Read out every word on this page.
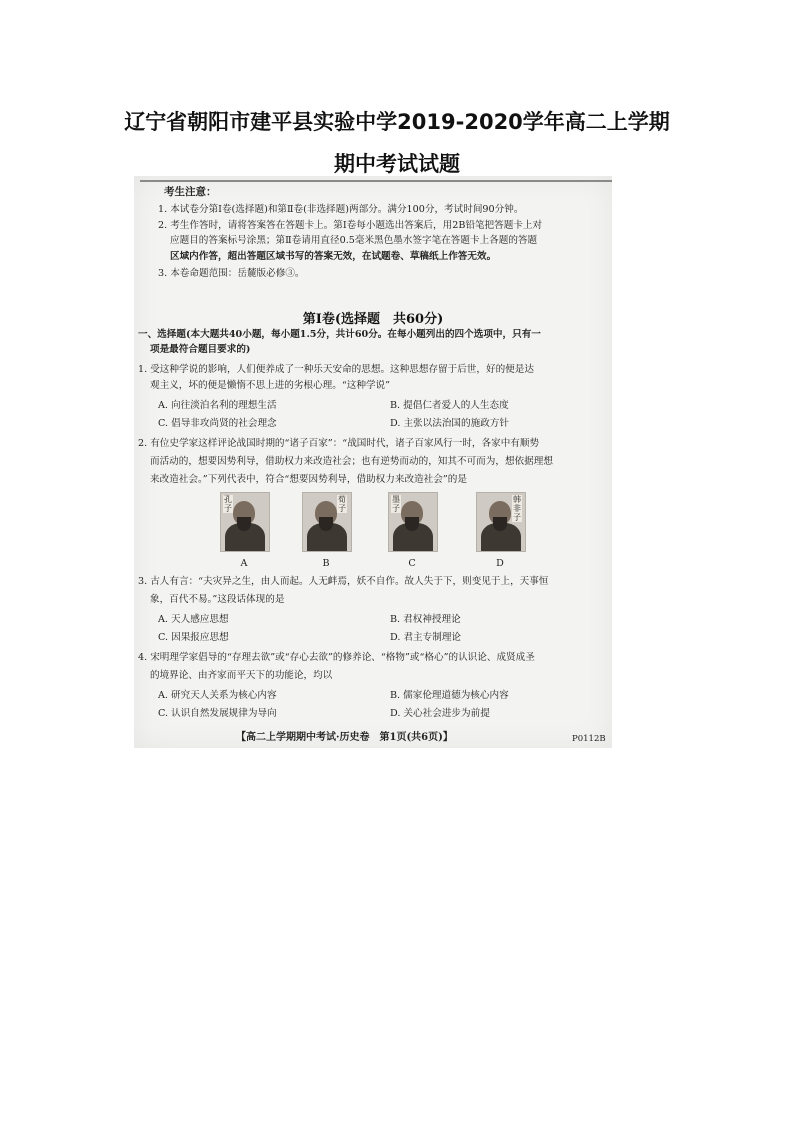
辽宁省朝阳市建平县实验中学2019-2020学年高二上学期
期中考试试题
考生注意：
1. 本试卷分第Ⅰ卷(选择题)和第Ⅱ卷(非选择题)两部分。满分100分，考试时间90分钟。
2. 考生作答时，请将答案答在答题卡上。第Ⅰ卷每小题选出答案后，用2B铅笔把答题卡上对
应题目的答案标号涂黑；第Ⅱ卷请用直径0.5毫米黑色墨水签字笔在答题卡上各题的答题
区域内作答，超出答题区域书写的答案无效，在试题卷、草稿纸上作答无效。
3. 本卷命题范围：岳麓版必修③。
第Ⅰ卷(选择题　共60分)
一、选择题(本大题共40小题，每小题1.5分，共计60分。在每小题列出的四个选项中，只有一
项是最符合题目要求的)
1. 受这种学说的影响，人们便养成了一种乐天安命的思想。这种思想存留于后世，好的便是达
观主义，坏的便是懒惰不思上进的劣根心理。“这种学说”
A. 向往淡泊名利的理想生活	B. 提倡仁者爱人的人生态度
C. 倡导非攻尚贤的社会理念	D. 主张以法治国的施政方针
2. 有位史学家这样评论战国时期的“诸子百家”：“战国时代，诸子百家风行一时，各家中有顺势
而活动的，想要因势利导，借助权力来改造社会；也有逆势而动的，知其不可而为，想依据理想
来改造社会。”下列代表中，符合“想要因势利导，借助权力来改造社会”的是
孔子
荀子
墨子
韩非子
A	B	C	D
3. 古人有言：“夫灾异之生，由人而起。人无衅焉，妖不自作。故人失于下，则变见于上，天事恒
象，百代不易。”这段话体现的是
A. 天人感应思想	B. 君权神授理论
C. 因果报应思想	D. 君主专制理论
4. 宋明理学家倡导的“存理去欲”或“存心去欲”的修养论、“格物”或“格心”的认识论、成贤成圣
的境界论、由齐家而平天下的功能论，均以
A. 研究天人关系为核心内容	B. 儒家伦理道德为核心内容
C. 认识自然发展规律为导向	D. 关心社会进步为前提
【高二上学期期中考试·历史卷　第1页(共6页)】	P0112B
